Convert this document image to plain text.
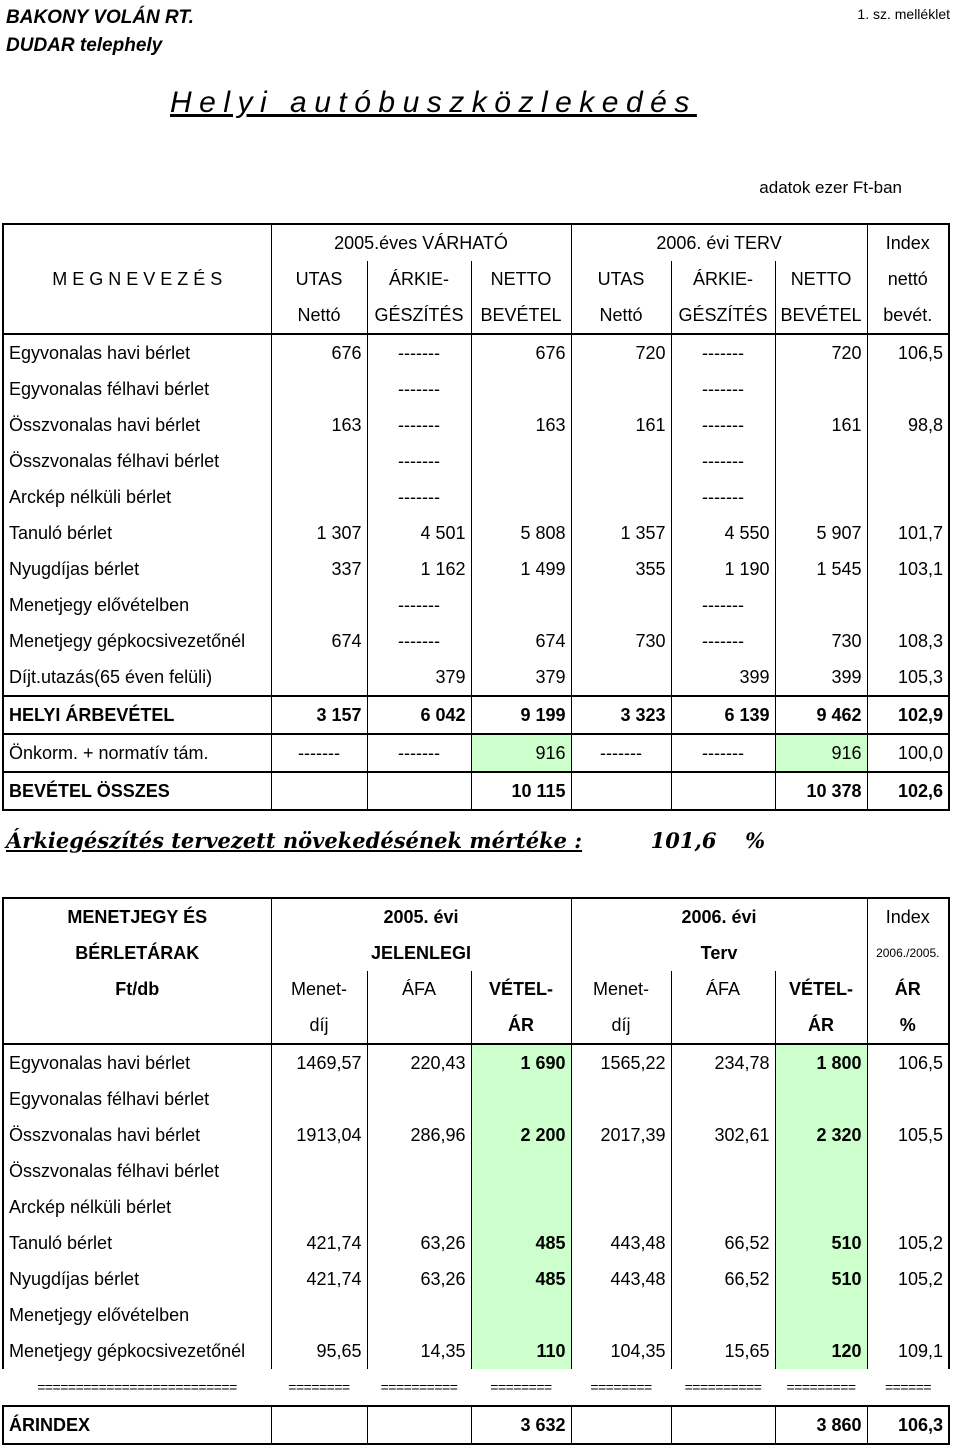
BAKONY VOLÁN RT.
DUDAR telephely
1. sz. melléklet
Helyi autóbuszközlekedés
adatok ezer Ft-ban
	2005.éves VÁRHATÓ			2006. évi TERV			Index
M E G N E V E Z É S	UTAS	ÁRKIE-	NETTO	UTAS	ÁRKIE-	NETTO	nettó
	Nettó	GÉSZÍTÉS	BEVÉTEL	Nettó	GÉSZÍTÉS	BEVÉTEL	bevét.
Egyvonalas havi bérlet	676	-------	676	720	-------	720	106,5
Egyvonalas félhavi bérlet		-------			-------		
Összvonalas havi bérlet	163	-------	163	161	-------	161	98,8
Összvonalas félhavi bérlet		-------			-------		
Arckép nélküli bérlet		-------			-------		
Tanuló bérlet	1 307	4 501	5 808	1 357	4 550	5 907	101,7
Nyugdíjas bérlet	337	1 162	1 499	355	1 190	1 545	103,1
Menetjegy elővételben		-------			-------		
Menetjegy gépkocsivezetőnél	674	-------	674	730	-------	730	108,3
Díjt.utazás(65 éven felüli)		379	379		399	399	105,3
HELYI ÁRBEVÉTEL	3 157	6 042	9 199	3 323	6 139	9 462	102,9
Önkorm. + normatív tám.	-------	-------	916	-------	-------	916	100,0
BEVÉTEL ÖSSZES			10 115			10 378	102,6
Árkiegészítés tervezett növekedésének mértéke :	101,6 %
MENETJEGY ÉS	2005. évi			2006. évi			Index
BÉRLETÁRAK	JELENLEGI			Terv			2006./2005.
Ft/db	Menet-	ÁFA	VÉTEL-	Menet-	ÁFA	VÉTEL-	ÁR
	díj		ÁR	díj		ÁR	%
Egyvonalas havi bérlet	1469,57	220,43	1 690	1565,22	234,78	1 800	106,5
Egyvonalas félhavi bérlet							
Összvonalas havi bérlet	1913,04	286,96	2 200	2017,39	302,61	2 320	105,5
Összvonalas félhavi bérlet							
Arckép nélküli bérlet							
Tanuló bérlet	421,74	63,26	485	443,48	66,52	510	105,2
Nyugdíjas bérlet	421,74	63,26	485	443,48	66,52	510	105,2
Menetjegy elővételben							
Menetjegy gépkocsivezetőnél	95,65	14,35	110	104,35	15,65	120	109,1
==========================	========	==========	========	========	==========	=========	======
ÁRINDEX			3 632			3 860	106,3
